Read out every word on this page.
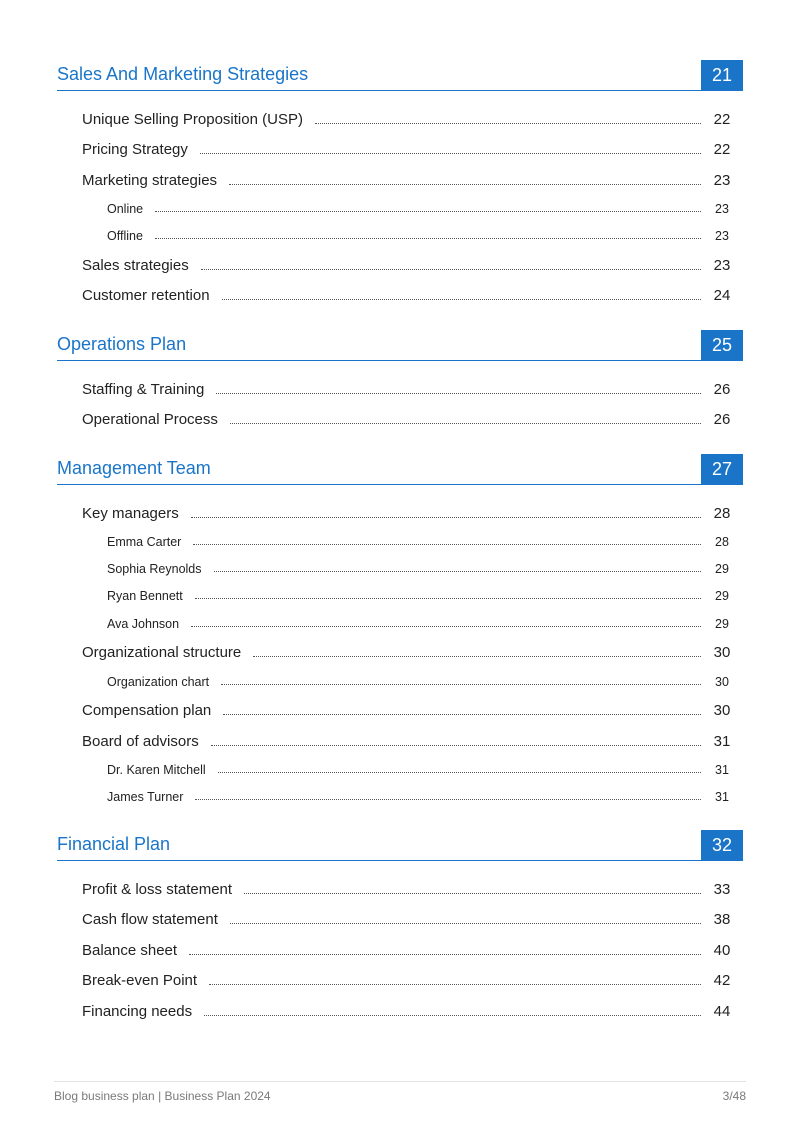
Sales And Marketing Strategies	21
Unique Selling Proposition (USP)	22
Pricing Strategy	22
Marketing strategies	23
Online	23
Offline	23
Sales strategies	23
Customer retention	24
Operations Plan	25
Staffing & Training	26
Operational Process	26
Management Team	27
Key managers	28
Emma Carter	28
Sophia Reynolds	29
Ryan Bennett	29
Ava Johnson	29
Organizational structure	30
Organization chart	30
Compensation plan	30
Board of advisors	31
Dr. Karen Mitchell	31
James Turner	31
Financial Plan	32
Profit & loss statement	33
Cash flow statement	38
Balance sheet	40
Break-even Point	42
Financing needs	44
Blog business plan | Business Plan 2024	3/48
